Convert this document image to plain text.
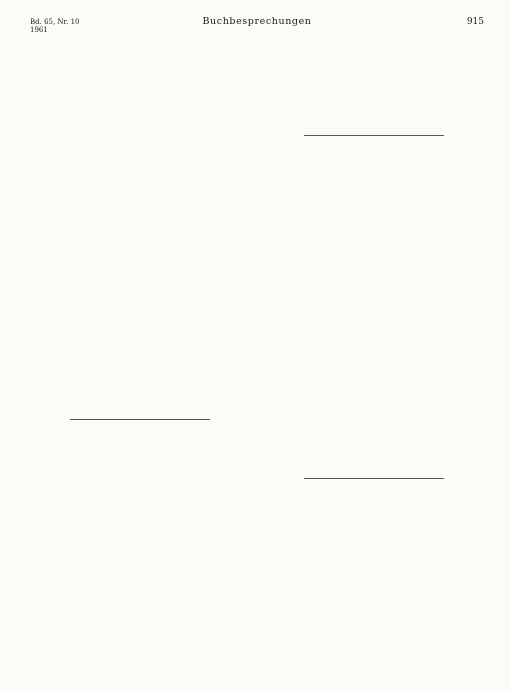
Bd. 65, Nr. 10
1961
Buchbesprechungen	915
